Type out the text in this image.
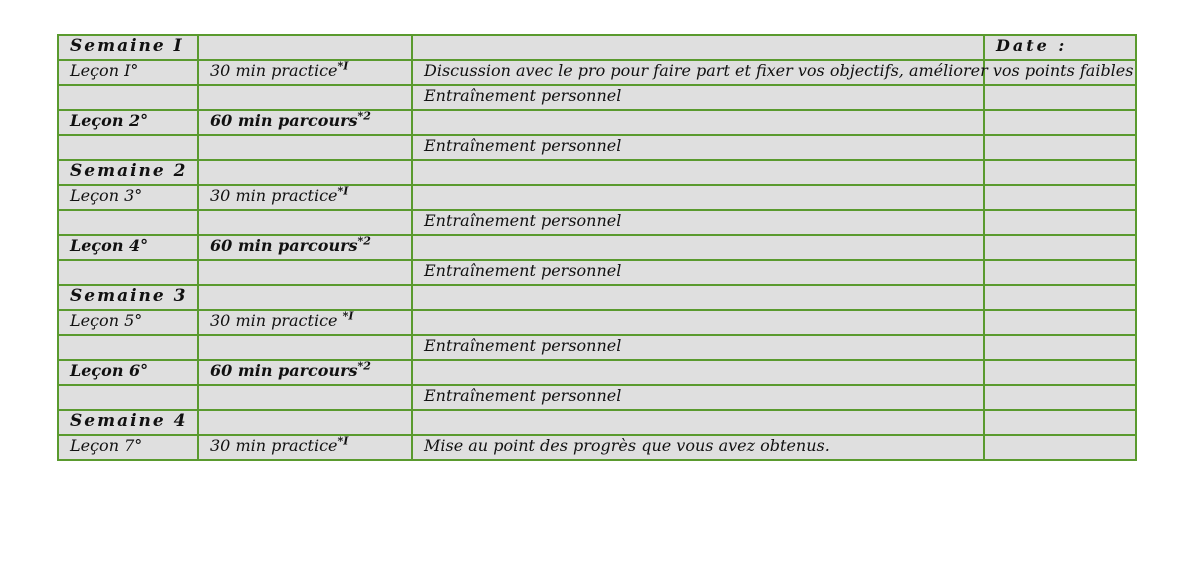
Semaine I			Date :
Leçon I°	30 min practice$^{*I}$	Discussion avec le pro pour faire part et fixer vos objectifs, améliorer vos points faibles	
		Entraînement personnel	
Leçon 2°	60 min parcours$^{*2}$		
		Entraînement personnel	
Semaine 2			
Leçon 3°	30 min practice$^{*I}$		
		Entraînement personnel	
Leçon 4°	60 min parcours$^{*2}$		
		Entraînement personnel	
Semaine 3			
Leçon 5°	30 min practice $^{*I}$		
		Entraînement personnel	
Leçon 6°	60 min parcours$^{*2}$		
		Entraînement personnel	
Semaine 4			
Leçon 7°	30 min practice$^{*I}$	Mise au point des progrès que vous avez obtenus.	
